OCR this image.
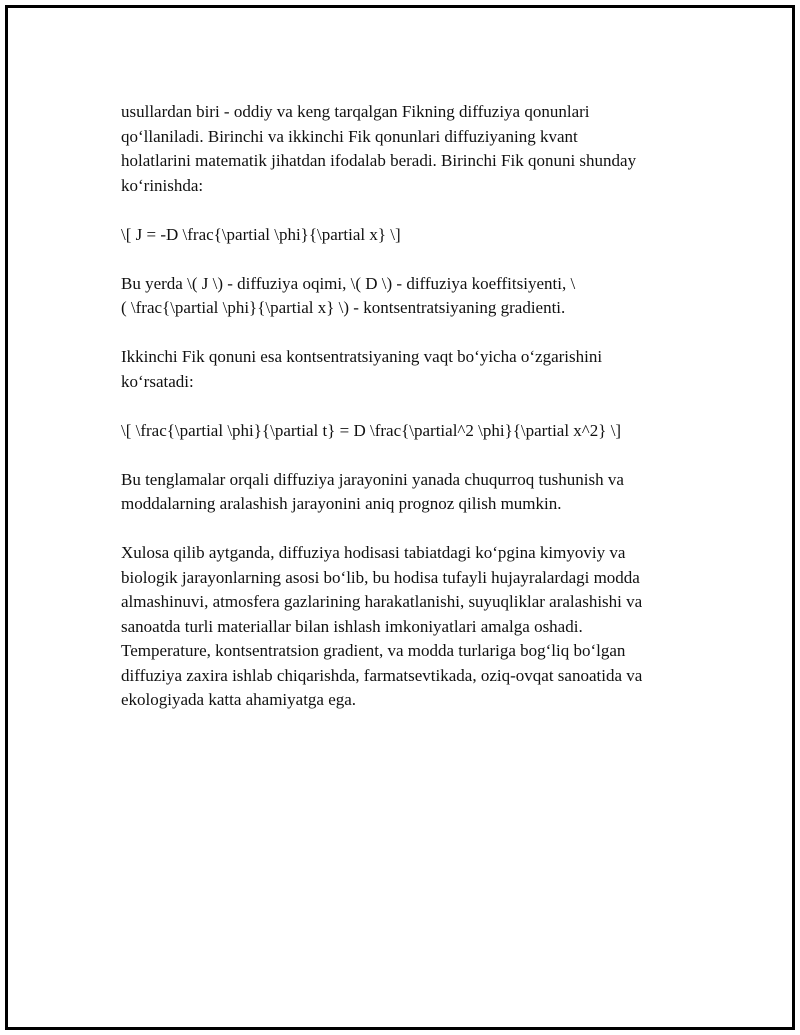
usullardan biri - oddiy va keng tarqalgan Fikning diffuziya qonunlari
qo‘llaniladi. Birinchi va ikkinchi Fik qonunlari diffuziyaning kvant
holatlarini matematik jihatdan ifodalab beradi. Birinchi Fik qonuni shunday
ko‘rinishda:

\[ J = -D \frac{\partial \phi}{\partial x} \]

Bu yerda \( J \) - diffuziya oqimi, \( D \) - diffuziya koeffitsiyenti, \
( \frac{\partial \phi}{\partial x} \) - kontsentratsiyaning gradienti.

Ikkinchi Fik qonuni esa kontsentratsiyaning vaqt bo‘yicha o‘zgarishini
ko‘rsatadi:

\[ \frac{\partial \phi}{\partial t} = D \frac{\partial^2 \phi}{\partial x^2} \]

Bu tenglamalar orqali diffuziya jarayonini yanada chuqurroq tushunish va
moddalarning aralashish jarayonini aniq prognoz qilish mumkin.

Xulosa qilib aytganda, diffuziya hodisasi tabiatdagi ko‘pgina kimyoviy va
biologik jarayonlarning asosi bo‘lib, bu hodisa tufayli hujayralardagi modda
almashinuvi, atmosfera gazlarining harakatlanishi, suyuqliklar aralashishi va
sanoatda turli materiallar bilan ishlash imkoniyatlari amalga oshadi.
Temperature, kontsentratsion gradient, va modda turlariga bog‘liq bo‘lgan
diffuziya zaxira ishlab chiqarishda, farmatsevtikada, oziq-ovqat sanoatida va
ekologiyada katta ahamiyatga ega.
